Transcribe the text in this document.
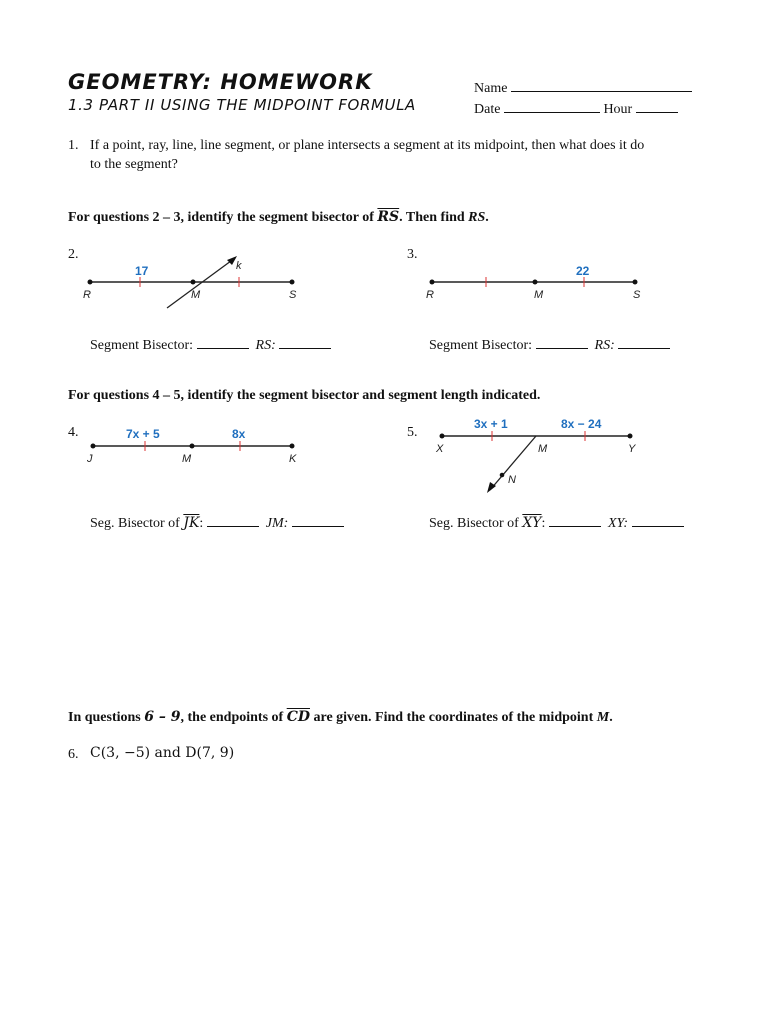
GEOMETRY: HOMEWORK
1.3 PART II USING THE MIDPOINT FORMULA
Name
Date	Hour
1. If a point, ray, line, line segment, or plane intersects a segment at its midpoint, then what does it do
to the segment?
For questions 2 – 3, identify the segment bisector of $\overline{RS}$. Then find RS.
2.
R	M	S
k
17
Segment Bisector:	RS:
3.
R	M	S
22
Segment Bisector:	RS:
For questions 4 – 5, identify the segment bisector and segment length indicated.
4.
J	M	K
7x + 5	8x
Seg. Bisector of $\overline{JK}$:	JM:
5.
X	M	Y
N
3x + 1	8x − 24
Seg. Bisector of $\overline{XY}$:	XY:
In questions 6 – 9, the endpoints of $\overline{CD}$ are given. Find the coordinates of the midpoint M.
6. C(3, −5) and D(7, 9)
